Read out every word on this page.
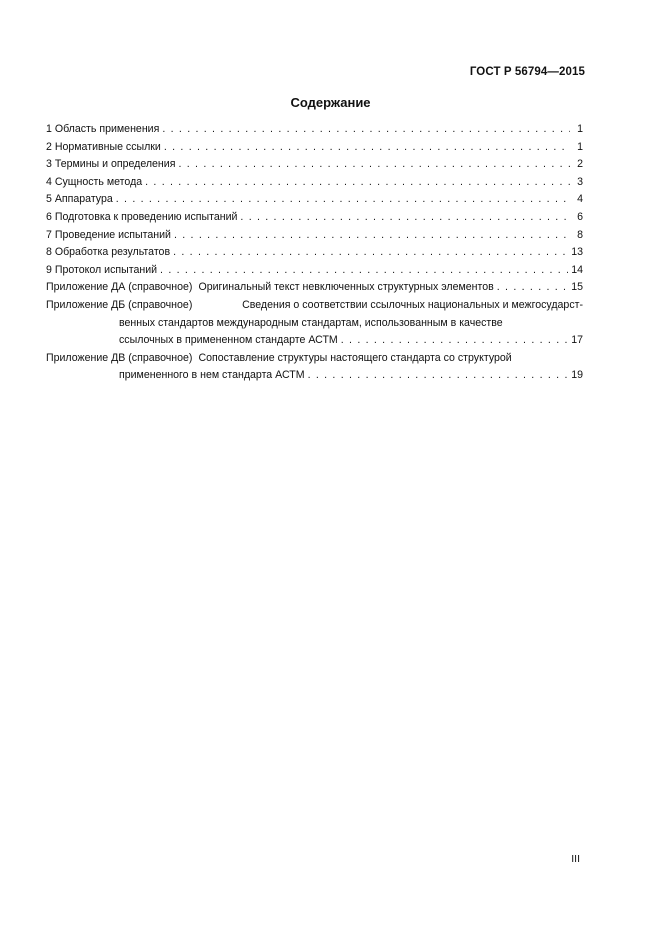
ГОСТ Р 56794—2015
Содержание
1 Область применения . . .	1
2 Нормативные ссылки . . .	1
3 Термины и определения . . .	2
4 Сущность метода . . .	3
5 Аппаратура . . .	4
6 Подготовка к проведению испытаний . . .	6
7 Проведение испытаний . . .	8
8 Обработка результатов . . .	13
9 Протокол испытаний . . .	14
Приложение ДА (справочное) Оригинальный текст невключенных структурных элементов . . .	15
Приложение ДБ (справочное)	Сведения о соответствии ссылочных национальных и межгосударст-
венных стандартов международным стандартам, использованным в качестве
ссылочных в примененном стандарте АСТМ . . .	17
Приложение ДВ (справочное) Сопоставление структуры настоящего стандарта со структурой
примененного в нем стандарта АСТМ . . .	19
III
